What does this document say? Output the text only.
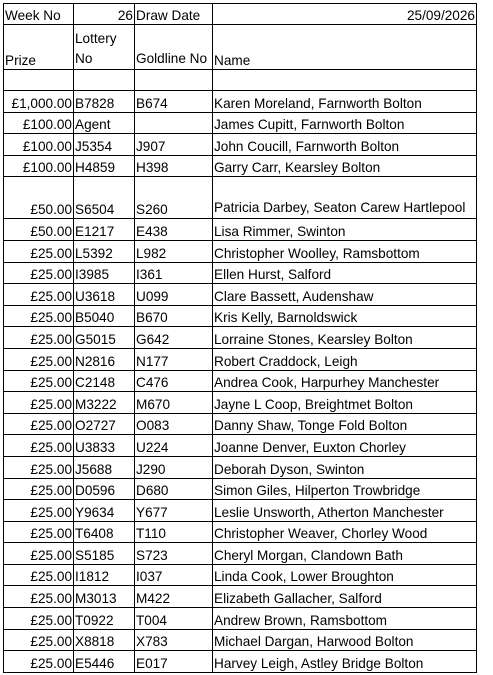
Week No	26	Draw Date	25/09/2026
Prize	Lottery No	Goldline No	Name

£1,000.00	B7828	B674	Karen Moreland, Farnworth Bolton
£100.00	Agent		James Cupitt, Farnworth Bolton
£100.00	J5354	J907	John Coucill, Farnworth Bolton
£100.00	H4859	H398	Garry Carr, Kearsley Bolton
£50.00	S6504	S260	Patricia Darbey, Seaton Carew Hartlepool
£50.00	E1217	E438	Lisa Rimmer, Swinton
£25.00	L5392	L982	Christopher Woolley, Ramsbottom
£25.00	I3985	I361	Ellen Hurst, Salford
£25.00	U3618	U099	Clare Bassett, Audenshaw
£25.00	B5040	B670	Kris Kelly, Barnoldswick
£25.00	G5015	G642	Lorraine Stones, Kearsley Bolton
£25.00	N2816	N177	Robert Craddock, Leigh
£25.00	C2148	C476	Andrea Cook, Harpurhey Manchester
£25.00	M3222	M670	Jayne L Coop, Breightmet Bolton
£25.00	O2727	O083	Danny Shaw, Tonge Fold Bolton
£25.00	U3833	U224	Joanne Denver, Euxton Chorley
£25.00	J5688	J290	Deborah Dyson, Swinton
£25.00	D0596	D680	Simon Giles, Hilperton Trowbridge
£25.00	Y9634	Y677	Leslie Unsworth, Atherton Manchester
£25.00	T6408	T110	Christopher Weaver, Chorley Wood
£25.00	S5185	S723	Cheryl Morgan, Clandown Bath
£25.00	I1812	I037	Linda Cook, Lower Broughton
£25.00	M3013	M422	Elizabeth Gallacher, Salford
£25.00	T0922	T004	Andrew Brown, Ramsbottom
£25.00	X8818	X783	Michael Dargan, Harwood Bolton
£25.00	E5446	E017	Harvey Leigh, Astley Bridge Bolton
